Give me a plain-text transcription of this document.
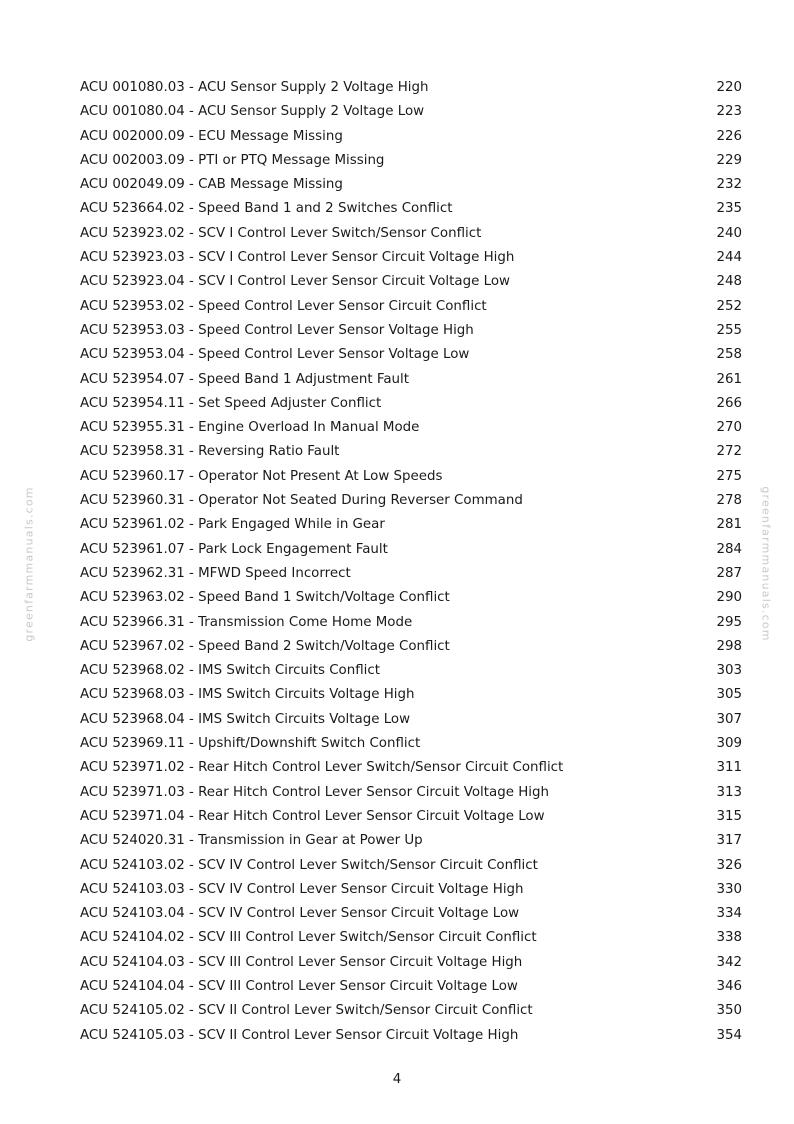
ACU 001080.03 - ACU Sensor Supply 2 Voltage High	220
ACU 001080.04 - ACU Sensor Supply 2 Voltage Low	223
ACU 002000.09 - ECU Message Missing	226
ACU 002003.09 - PTI or PTQ Message Missing	229
ACU 002049.09 - CAB Message Missing	232
ACU 523664.02 - Speed Band 1 and 2 Switches Conflict	235
ACU 523923.02 - SCV I Control Lever Switch/Sensor Conflict	240
ACU 523923.03 - SCV I Control Lever Sensor Circuit Voltage High	244
ACU 523923.04 - SCV I Control Lever Sensor Circuit Voltage Low	248
ACU 523953.02 - Speed Control Lever Sensor Circuit Conflict	252
ACU 523953.03 - Speed Control Lever Sensor Voltage High	255
ACU 523953.04 - Speed Control Lever Sensor Voltage Low	258
ACU 523954.07 - Speed Band 1 Adjustment Fault	261
ACU 523954.11 - Set Speed Adjuster Conflict	266
ACU 523955.31 - Engine Overload In Manual Mode	270
ACU 523958.31 - Reversing Ratio Fault	272
ACU 523960.17 - Operator Not Present At Low Speeds	275
ACU 523960.31 - Operator Not Seated During Reverser Command	278
ACU 523961.02 - Park Engaged While in Gear	281
ACU 523961.07 - Park Lock Engagement Fault	284
ACU 523962.31 - MFWD Speed Incorrect	287
ACU 523963.02 - Speed Band 1 Switch/Voltage Conflict	290
ACU 523966.31 - Transmission Come Home Mode	295
ACU 523967.02 - Speed Band 2 Switch/Voltage Conflict	298
ACU 523968.02 - IMS Switch Circuits Conflict	303
ACU 523968.03 - IMS Switch Circuits Voltage High	305
ACU 523968.04 - IMS Switch Circuits Voltage Low	307
ACU 523969.11 - Upshift/Downshift Switch Conflict	309
ACU 523971.02 - Rear Hitch Control Lever Switch/Sensor Circuit Conflict	311
ACU 523971.03 - Rear Hitch Control Lever Sensor Circuit Voltage High	313
ACU 523971.04 - Rear Hitch Control Lever Sensor Circuit Voltage Low	315
ACU 524020.31 - Transmission in Gear at Power Up	317
ACU 524103.02 - SCV IV Control Lever Switch/Sensor Circuit Conflict	326
ACU 524103.03 - SCV IV Control Lever Sensor Circuit Voltage High	330
ACU 524103.04 - SCV IV Control Lever Sensor Circuit Voltage Low	334
ACU 524104.02 - SCV III Control Lever Switch/Sensor Circuit Conflict	338
ACU 524104.03 - SCV III Control Lever Sensor Circuit Voltage High	342
ACU 524104.04 - SCV III Control Lever Sensor Circuit Voltage Low	346
ACU 524105.02 - SCV II Control Lever Switch/Sensor Circuit Conflict	350
ACU 524105.03 - SCV II Control Lever Sensor Circuit Voltage High	354
4
greenfarmmanuals.com	greenfarmmanuals.com
